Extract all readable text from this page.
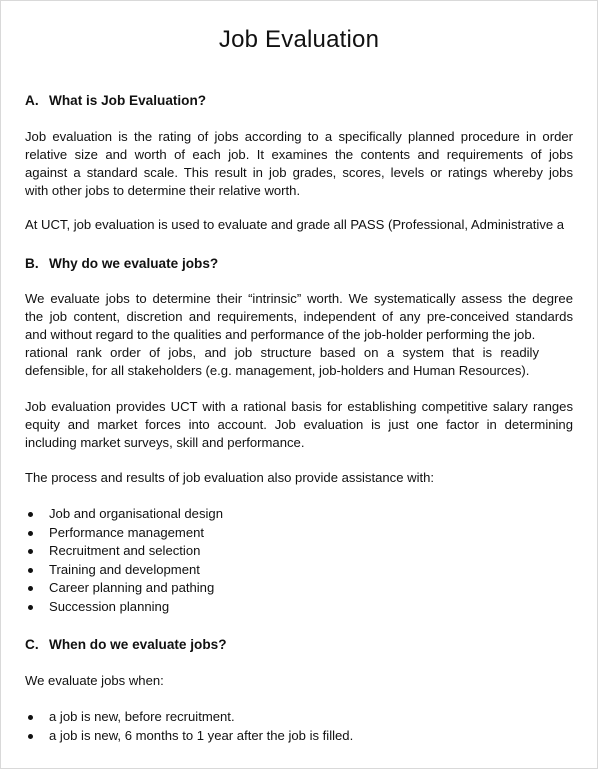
Job Evaluation
A. What is Job Evaluation?
Job evaluation is the rating of jobs according to a specifically planned procedure in order
relative size and worth of each job. It examines the contents and requirements of jobs
against a standard scale. This result in job grades, scores, levels or ratings whereby jobs
with other jobs to determine their relative worth.
At UCT, job evaluation is used to evaluate and grade all PASS (Professional, Administrative a
B. Why do we evaluate jobs?
We evaluate jobs to determine their “intrinsic” worth. We systematically assess the degree
the job content, discretion and requirements, independent of any pre-conceived standards
and without regard to the qualities and performance of the job-holder performing the job.
rational rank order of jobs, and job structure based on a system that is readily
defensible, for all stakeholders (e.g. management, job-holders and Human Resources).
Job evaluation provides UCT with a rational basis for establishing competitive salary ranges
equity and market forces into account. Job evaluation is just one factor in determining
including market surveys, skill and performance.
The process and results of job evaluation also provide assistance with:
Job and organisational design
Performance management
Recruitment and selection
Training and development
Career planning and pathing
Succession planning
C. When do we evaluate jobs?
We evaluate jobs when:
a job is new, before recruitment.
a job is new, 6 months to 1 year after the job is filled.
